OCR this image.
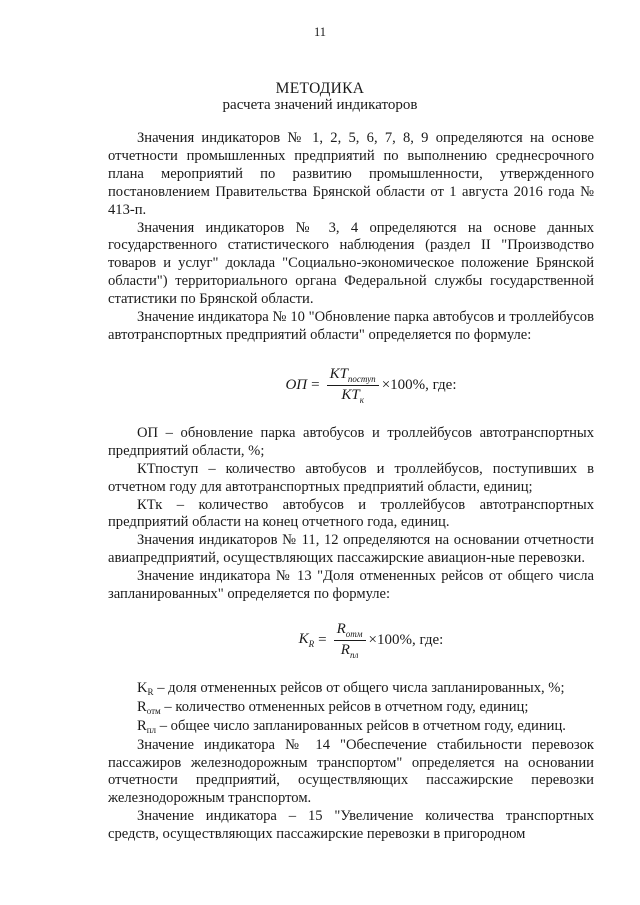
11
МЕТОДИКА
расчета значений индикаторов

Значения индикаторов № 1, 2, 5, 6, 7, 8, 9 определяются на основе отчетности промышленных предприятий по выполнению среднесрочного плана мероприятий по развитию промышленности, утвержденного постановлением Правительства Брянской области от 1 августа 2016 года № 413-п.

Значения индикаторов № 3, 4 определяются на основе данных государственного статистического наблюдения (раздел II "Производство товаров и услуг" доклада "Социально-экономическое положение Брянской области") территориального органа Федеральной службы государственной статистики по Брянской области.

Значение индикатора № 10 "Обновление парка автобусов и троллейбусов автотранспортных предприятий области" определяется по формуле:

ОП = $\frac{КТ_{поступ}}{КТ_к} \times 100\%$, где:

ОП – обновление парка автобусов и троллейбусов автотранспортных предприятий области, %;

КТпоступ – количество автобусов и троллейбусов, поступивших в отчетном году для автотранспортных предприятий области, единиц;

КТк – количество автобусов и троллейбусов автотранспортных предприятий области на конец отчетного года, единиц.

Значения индикаторов № 11, 12 определяются на основании отчетности авиапредприятий, осуществляющих пассажирские авиацион-ные перевозки.

Значение индикатора № 13 "Доля отмененных рейсов от общего числа запланированных" определяется по формуле:

$K_R = \frac{R_{отм}}{R_{пл}} \times 100\%$, где:

$K_R$ – доля отмененных рейсов от общего числа запланированных, %;

$R_{отм}$ – количество отмененных рейсов в отчетном году, единиц;

$R_{пл}$ – общее число запланированных рейсов в отчетном году, единиц.

Значение индикатора № 14 "Обеспечение стабильности перевозок пассажиров железнодорожным транспортом" определяется на основании отчетности предприятий, осуществляющих пассажирские перевозки железнодорожным транспортом.

Значение индикатора – 15 "Увеличение количества транспортных средств, осуществляющих пассажирские перевозки в пригородном
